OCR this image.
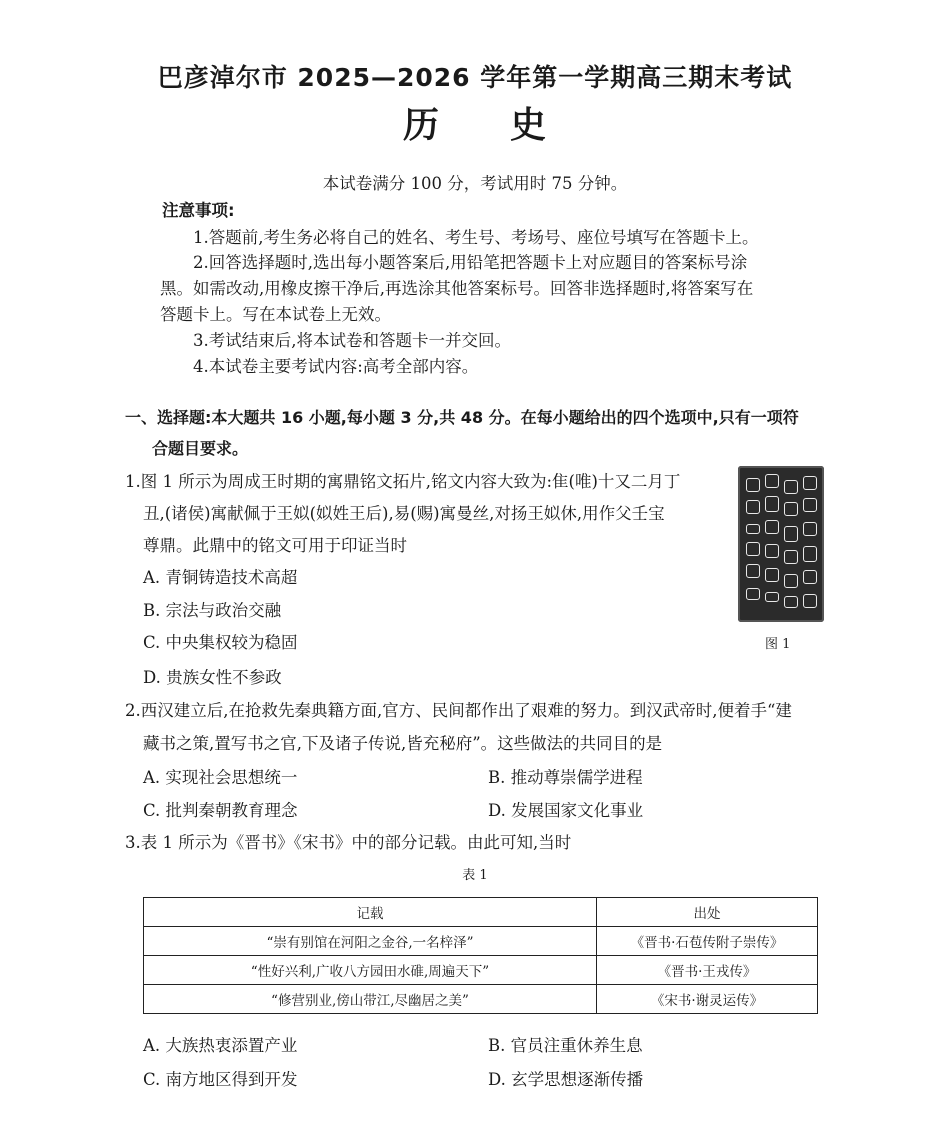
巴彦淖尔市 2025—2026 学年第一学期高三期末考试
历 史
本试卷满分 100 分，考试用时 75 分钟。
注意事项:
1.答题前,考生务必将自己的姓名、考生号、考场号、座位号填写在答题卡上。
2.回答选择题时,选出每小题答案后,用铅笔把答题卡上对应题目的答案标号涂
黑。如需改动,用橡皮擦干净后,再选涂其他答案标号。回答非选择题时,将答案写在
答题卡上。写在本试卷上无效。
3.考试结束后,将本试卷和答题卡一并交回。
4.本试卷主要考试内容:高考全部内容。
一、选择题:本大题共 16 小题,每小题 3 分,共 48 分。在每小题给出的四个选项中,只有一项符
合题目要求。
1.图 1 所示为周成王时期的寓鼎铭文拓片,铭文内容大致为:隹(唯)十又二月丁
丑,(诸侯)寓献佩于王姒(姒姓王后),易(赐)寓曼丝,对扬王姒休,用作父壬宝
尊鼎。此鼎中的铭文可用于印证当时
A. 青铜铸造技术高超
B. 宗法与政治交融
C. 中央集权较为稳固
D. 贵族女性不参政
图 1
2.西汉建立后,在抢救先秦典籍方面,官方、民间都作出了艰难的努力。到汉武帝时,便着手“建
藏书之策,置写书之官,下及诸子传说,皆充秘府”。这些做法的共同目的是
A. 实现社会思想统一	B. 推动尊崇儒学进程
C. 批判秦朝教育理念	D. 发展国家文化事业
3.表 1 所示为《晋书》《宋书》中的部分记载。由此可知,当时
表 1
记载	出处
“崇有别馆在河阳之金谷,一名梓泽”	《晋书·石苞传附子崇传》
“性好兴利,广收八方园田水碓,周遍天下”	《晋书·王戎传》
“修营别业,傍山带江,尽幽居之美”	《宋书·谢灵运传》
A. 大族热衷添置产业	B. 官员注重休养生息
C. 南方地区得到开发	D. 玄学思想逐渐传播
